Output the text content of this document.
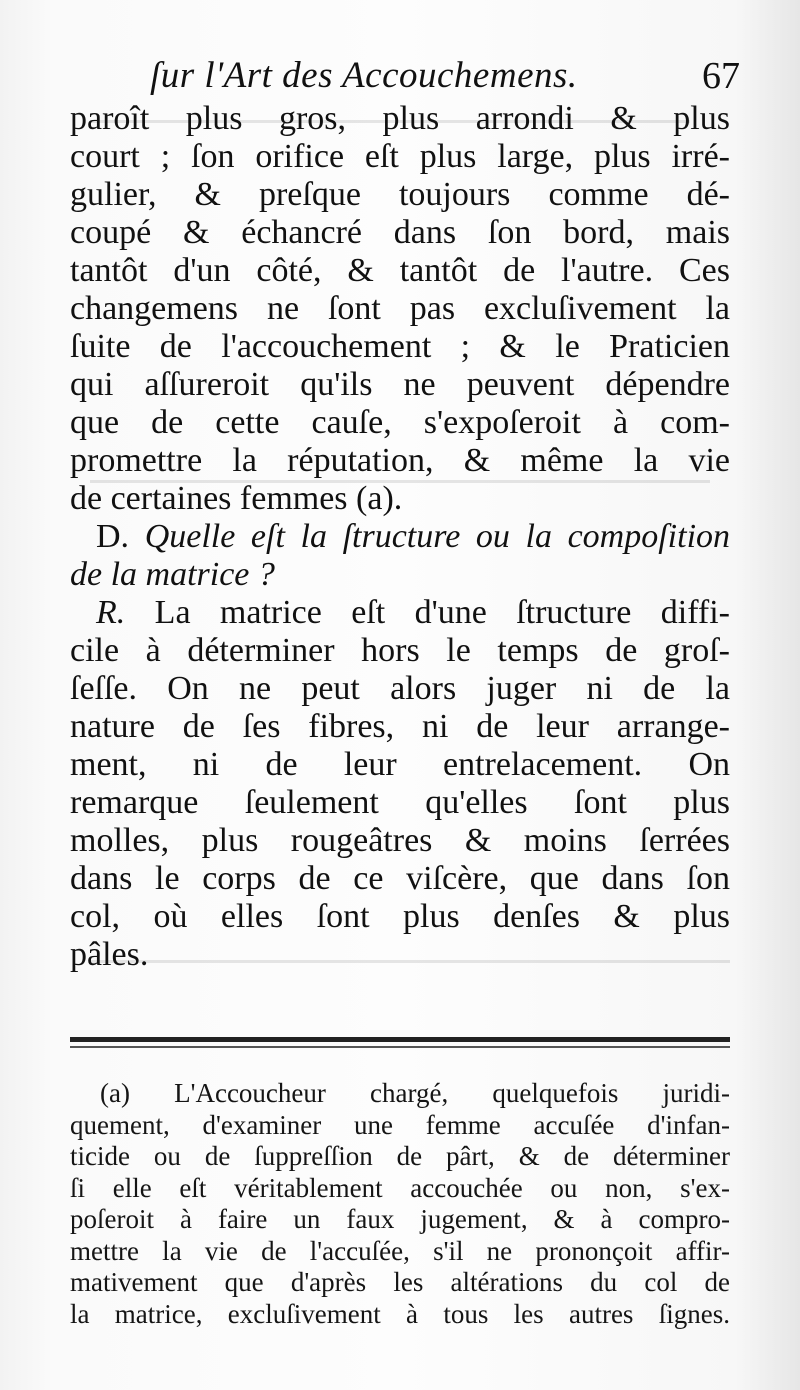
ſur l'Art des Accouchemens.	67
paroît plus gros, plus arrondi & plus
court ; ſon orifice eſt plus large, plus irré-
gulier, & preſque toujours comme dé-
coupé & échancré dans ſon bord, mais
tantôt d'un côté, & tantôt de l'autre. Ces
changemens ne ſont pas excluſivement la
ſuite de l'accouchement ; & le Praticien
qui aſſureroit qu'ils ne peuvent dépendre
que de cette cauſe, s'expoſeroit à com-
promettre la réputation, & même la vie
de certaines femmes (a).
D. Quelle eſt la ſtructure ou la compoſition
de la matrice ?
R. La matrice eſt d'une ſtructure diffi-
cile à déterminer hors le temps de groſ-
ſeſſe. On ne peut alors juger ni de la
nature de ſes fibres, ni de leur arrange-
ment, ni de leur entrelacement. On
remarque ſeulement qu'elles ſont plus
molles, plus rougeâtres & moins ſerrées
dans le corps de ce viſcère, que dans ſon
col, où elles ſont plus denſes & plus
pâles.
(a) L'Accoucheur chargé, quelquefois juridi-
quement, d'examiner une femme accuſée d'infan-
ticide ou de ſuppreſſion de pârt, & de déterminer
ſi elle eſt véritablement accouchée ou non, s'ex-
poſeroit à faire un faux jugement, & à compro-
mettre la vie de l'accuſée, s'il ne prononçoit affir-
mativement que d'après les altérations du col de
la matrice, excluſivement à tous les autres ſignes.
